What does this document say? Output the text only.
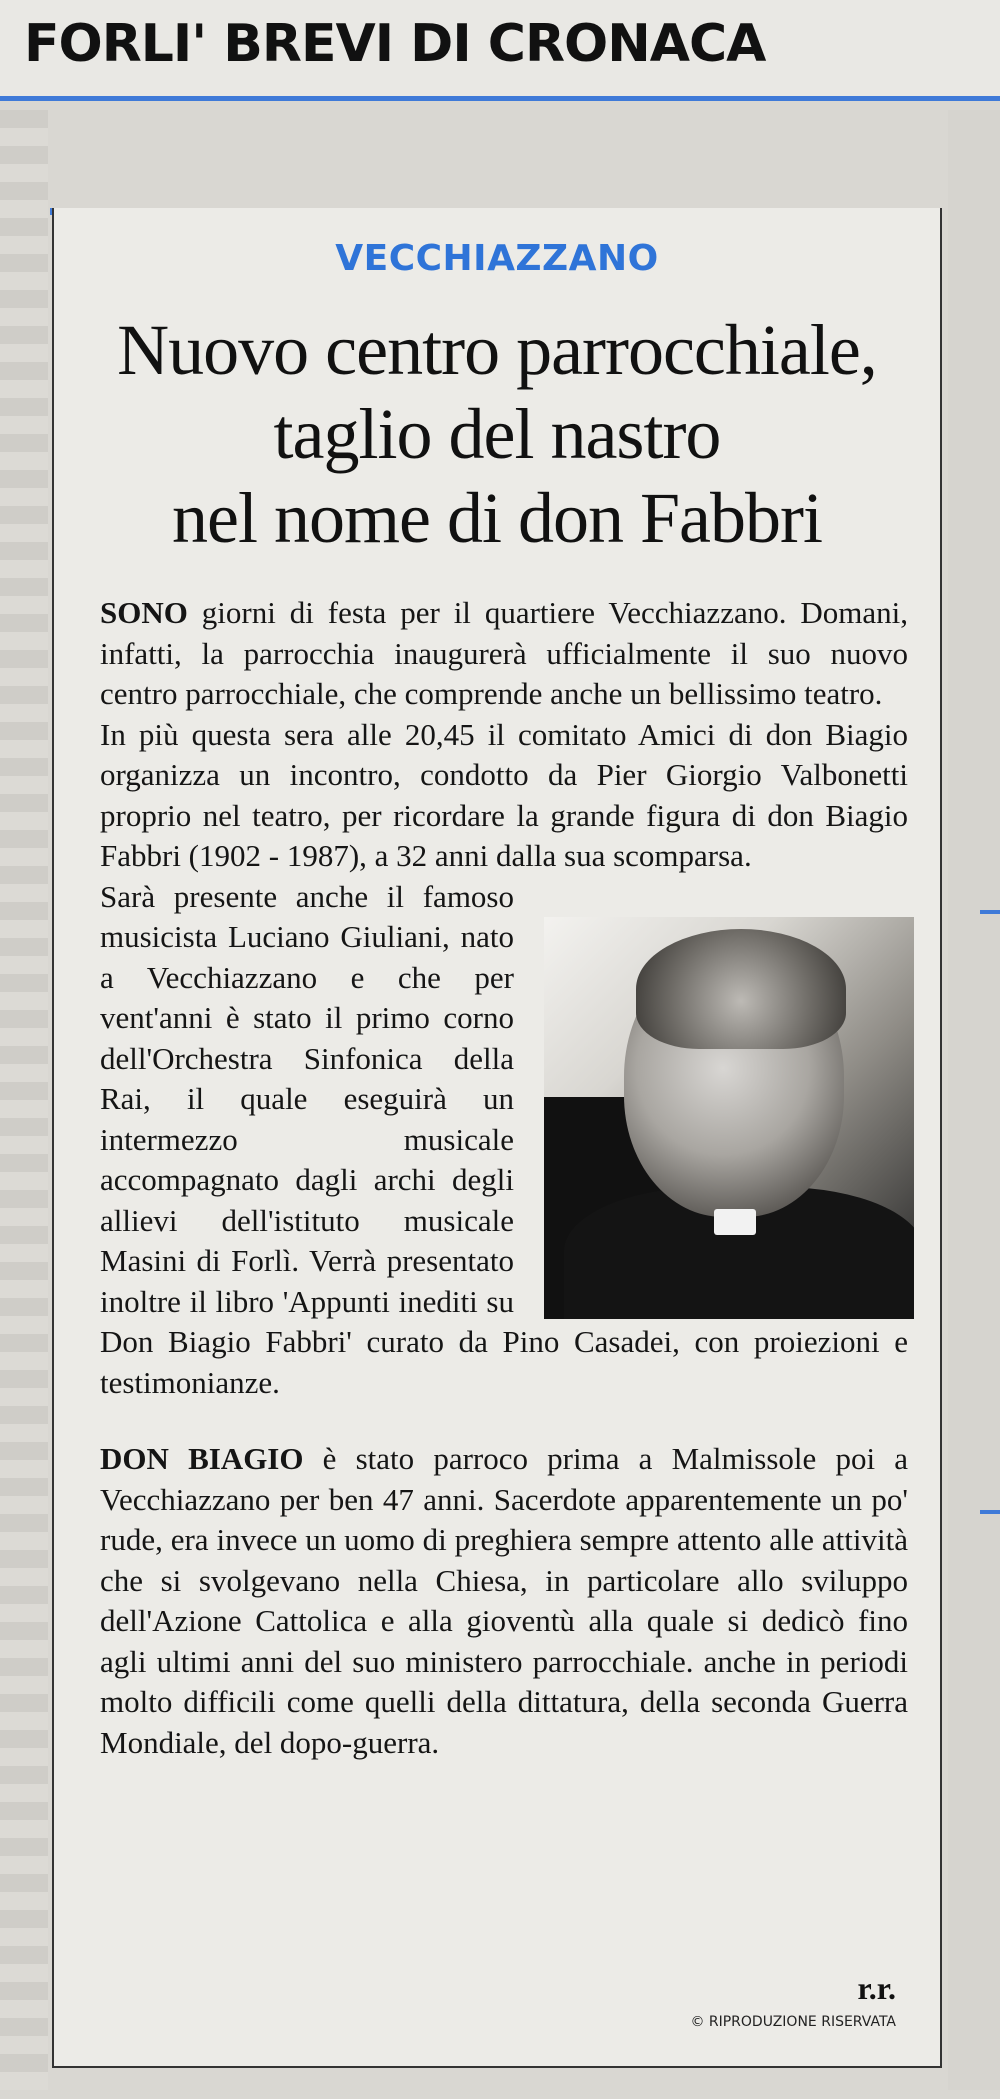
FORLI' BREVI DI CRONACA
VECCHIAZZANO
Nuovo centro parrocchiale,
taglio del nastro
nel nome di don Fabbri

SONO giorni di festa per il quartiere Vecchiazzano. Domani, infatti, la parrocchia inaugurerà ufficialmente il suo nuovo centro parrocchiale, che comprende anche un bellissimo teatro.

In più questa sera alle 20,45 il comitato Amici di don Biagio organizza un incontro, condotto da Pier Giorgio Valbonetti proprio nel teatro, per ricordare la grande figura di don Biagio Fabbri (1902 - 1987), a 32 anni dalla sua scomparsa.

Sarà presente anche il famoso musicista Luciano Giuliani, nato a Vecchiazzano e che per vent'anni è stato il primo corno dell'Orchestra Sinfonica della Rai, il quale eseguirà un intermezzo musicale accompagnato dagli archi degli allievi dell'istituto musicale Masini di Forlì. Verrà presentato inoltre il libro 'Appunti inediti su Don Biagio Fabbri' curato da Pino Casadei, con proiezioni e testimonianze.

DON BIAGIO è stato parroco prima a Malmissole poi a Vecchiazzano per ben 47 anni. Sacerdote apparentemente un po' rude, era invece un uomo di preghiera sempre attento alle attività che si svolgevano nella Chiesa, in particolare allo sviluppo dell'Azione Cattolica e alla gioventù alla quale si dedicò fino agli ultimi anni del suo ministero parrocchiale. anche in periodi molto difficili come quelli della dittatura, della seconda Guerra Mondiale, del dopo-guerra.

r.r.
© RIPRODUZIONE RISERVATA
